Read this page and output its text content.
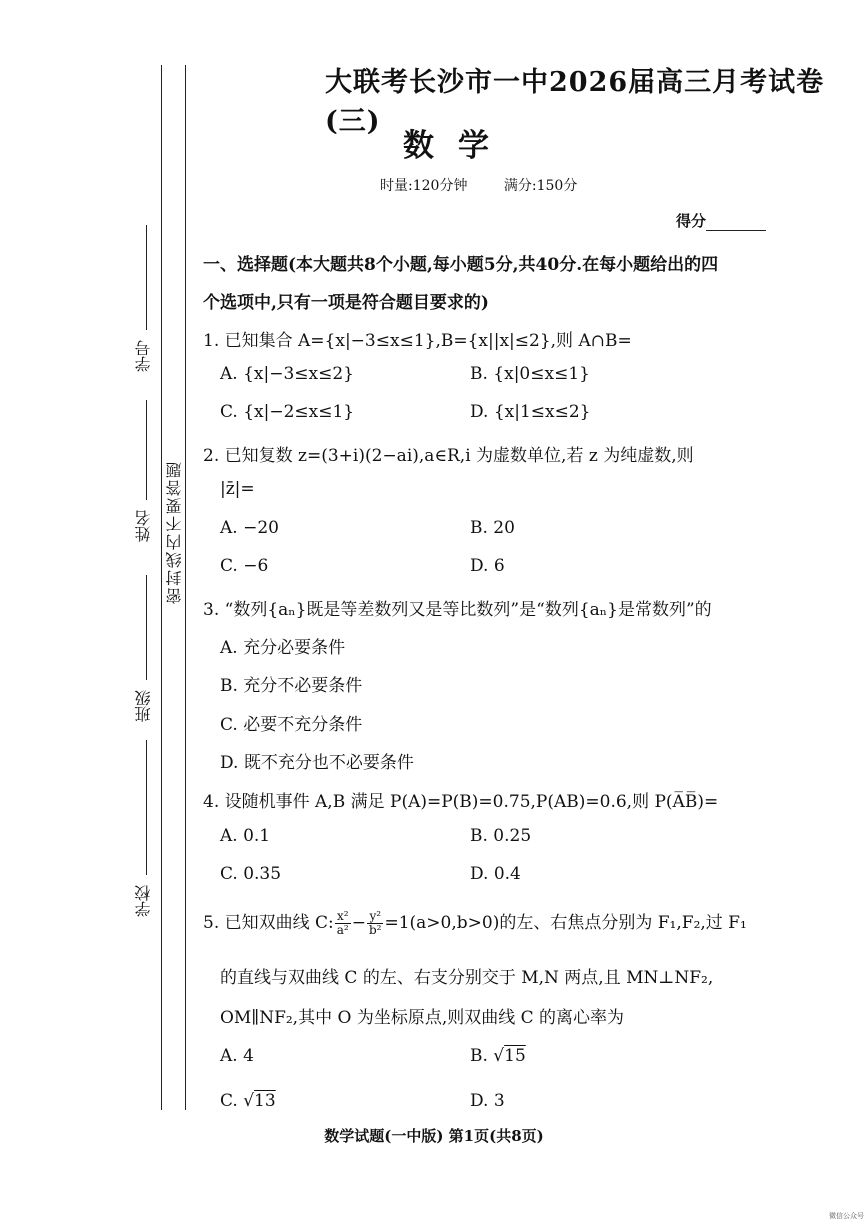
密封线内不要答题
学号
姓名
班级
学校
大联考长沙市一中2026届高三月考试卷(三)
数学
时量:120分钟	满分:150分
得分
一、选择题(本大题共8个小题,每小题5分,共40分.在每小题给出的四
个选项中,只有一项是符合题目要求的)
1. 已知集合 A={x|−3≤x≤1},B={x||x|≤2},则 A∩B=
A. {x|−3≤x≤2}	B. {x|0≤x≤1}
C. {x|−2≤x≤1}	D. {x|1≤x≤2}
2. 已知复数 z=(3+i)(2−ai),a∈R,i 为虚数单位,若 z 为纯虚数,则
|z̄|=
A. −20	B. 20
C. −6	D. 6
3. “数列{aₙ}既是等差数列又是等比数列”是“数列{aₙ}是常数列”的
A. 充分必要条件
B. 充分不必要条件
C. 必要不充分条件
D. 既不充分也不必要条件
4. 设随机事件 A,B 满足 P(A)=P(B)=0.75,P(AB)=0.6,则 P(A̅B̅)=
A. 0.1	B. 0.25
C. 0.35	D. 0.4
5. 已知双曲线 C: $\frac{\text{x²}}{\text{a²}} - \frac{\text{y²}}{\text{b²}} =1(a>0,b>0)$的左、右焦点分别为 F₁,F₂,过 F₁
的直线与双曲线 C 的左、右支分别交于 M,N 两点,且 MN⊥NF₂,
OM∥NF₂,其中 O 为坐标原点,则双曲线 C 的离心率为
A. 4	B. √15
C. √13	D. 3
数学试题(一中版) 第1页(共8页)
微信公众号
